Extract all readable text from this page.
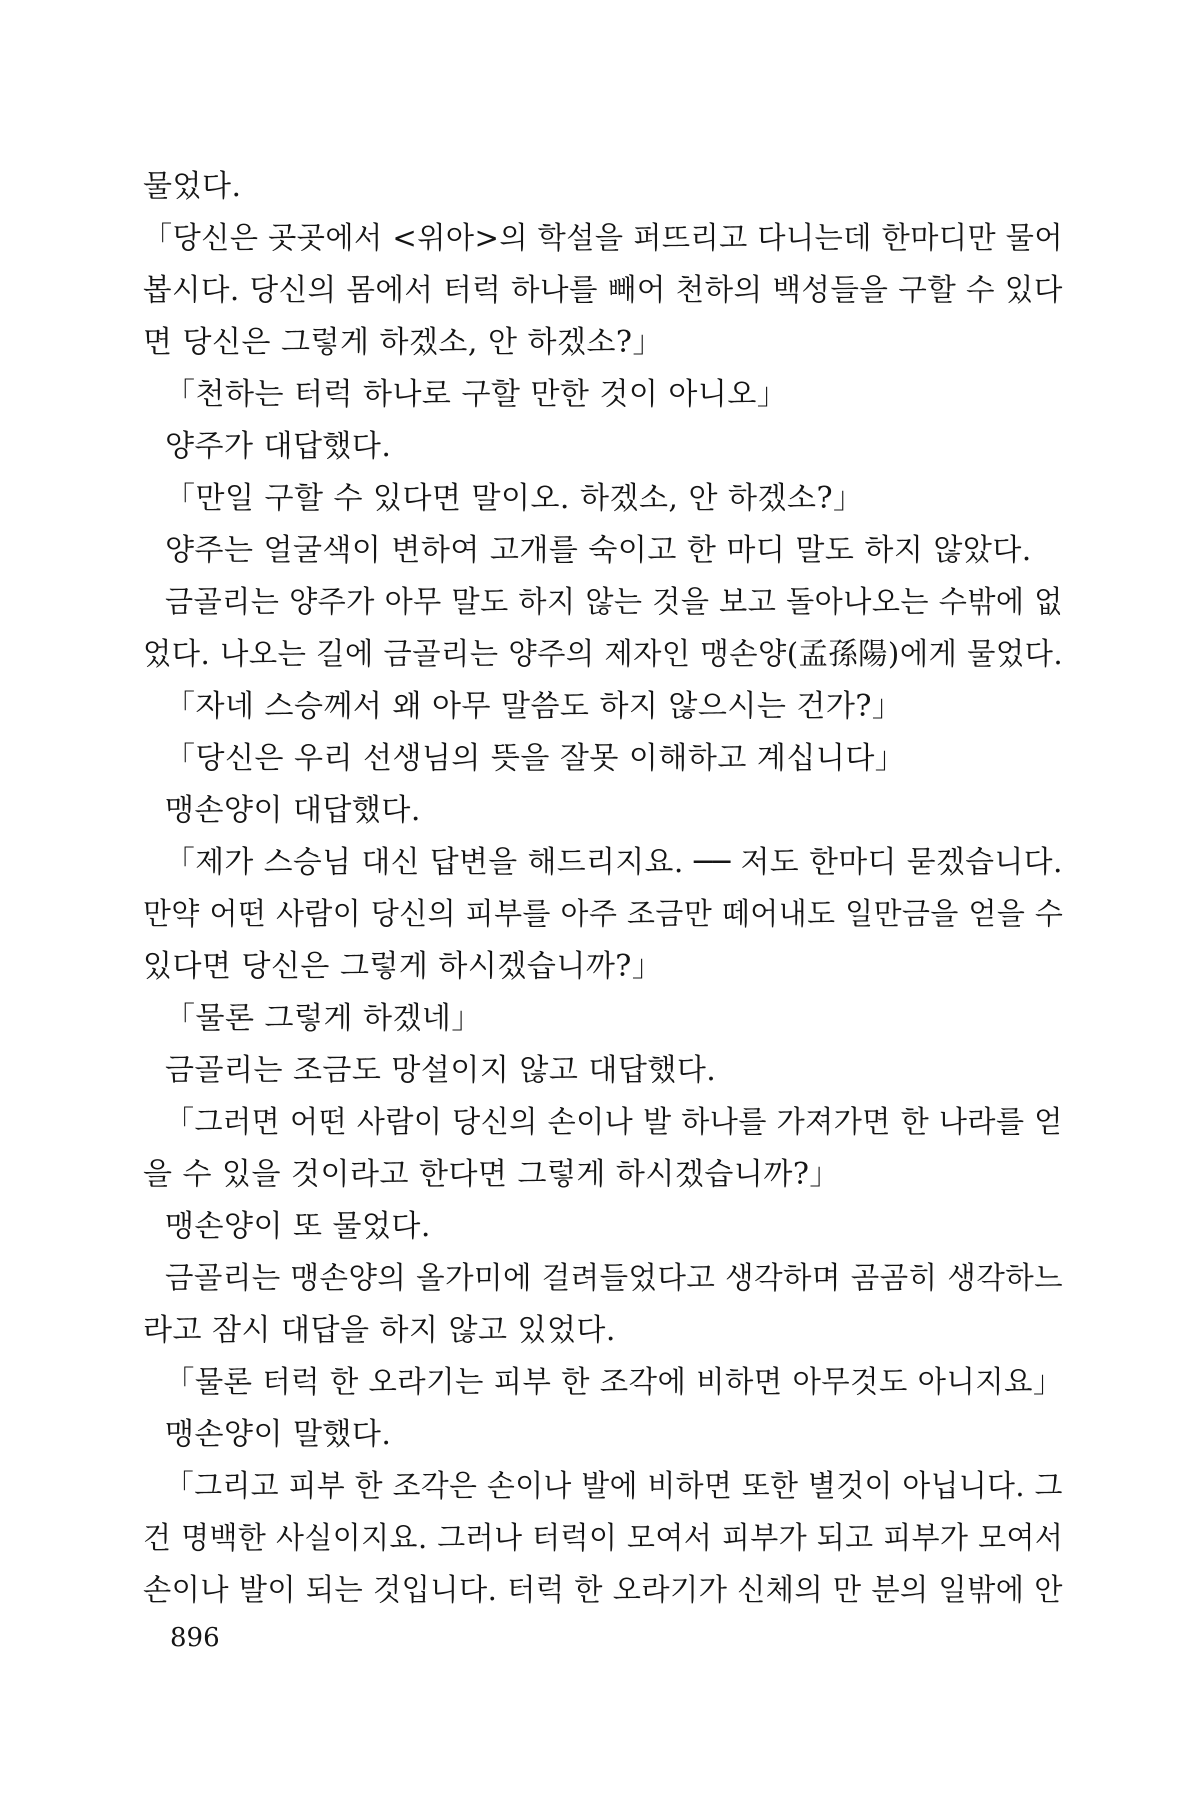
물었다.
「당신은 곳곳에서 <위아>의 학설을 퍼뜨리고 다니는데 한마디만 물어
봅시다. 당신의 몸에서 터럭 하나를 빼어 천하의 백성들을 구할 수 있다
면 당신은 그렇게 하겠소, 안 하겠소?」
「천하는 터럭 하나로 구할 만한 것이 아니오」
양주가 대답했다.
「만일 구할 수 있다면 말이오. 하겠소, 안 하겠소?」
양주는 얼굴색이 변하여 고개를 숙이고 한 마디 말도 하지 않았다.
금골리는 양주가 아무 말도 하지 않는 것을 보고 돌아나오는 수밖에 없
었다. 나오는 길에 금골리는 양주의 제자인 맹손양(孟孫陽)에게 물었다.
「자네 스승께서 왜 아무 말씀도 하지 않으시는 건가?」
「당신은 우리 선생님의 뜻을 잘못 이해하고 계십니다」
맹손양이 대답했다.
「제가 스승님 대신 답변을 해드리지요. ── 저도 한마디 묻겠습니다.
만약 어떤 사람이 당신의 피부를 아주 조금만 떼어내도 일만금을 얻을 수
있다면 당신은 그렇게 하시겠습니까?」
「물론 그렇게 하겠네」
금골리는 조금도 망설이지 않고 대답했다.
「그러면 어떤 사람이 당신의 손이나 발 하나를 가져가면 한 나라를 얻
을 수 있을 것이라고 한다면 그렇게 하시겠습니까?」
맹손양이 또 물었다.
금골리는 맹손양의 올가미에 걸려들었다고 생각하며 곰곰히 생각하느
라고 잠시 대답을 하지 않고 있었다.
「물론 터럭 한 오라기는 피부 한 조각에 비하면 아무것도 아니지요」
맹손양이 말했다.
「그리고 피부 한 조각은 손이나 발에 비하면 또한 별것이 아닙니다. 그
건 명백한 사실이지요. 그러나 터럭이 모여서 피부가 되고 피부가 모여서
손이나 발이 되는 것입니다. 터럭 한 오라기가 신체의 만 분의 일밖에 안
896
